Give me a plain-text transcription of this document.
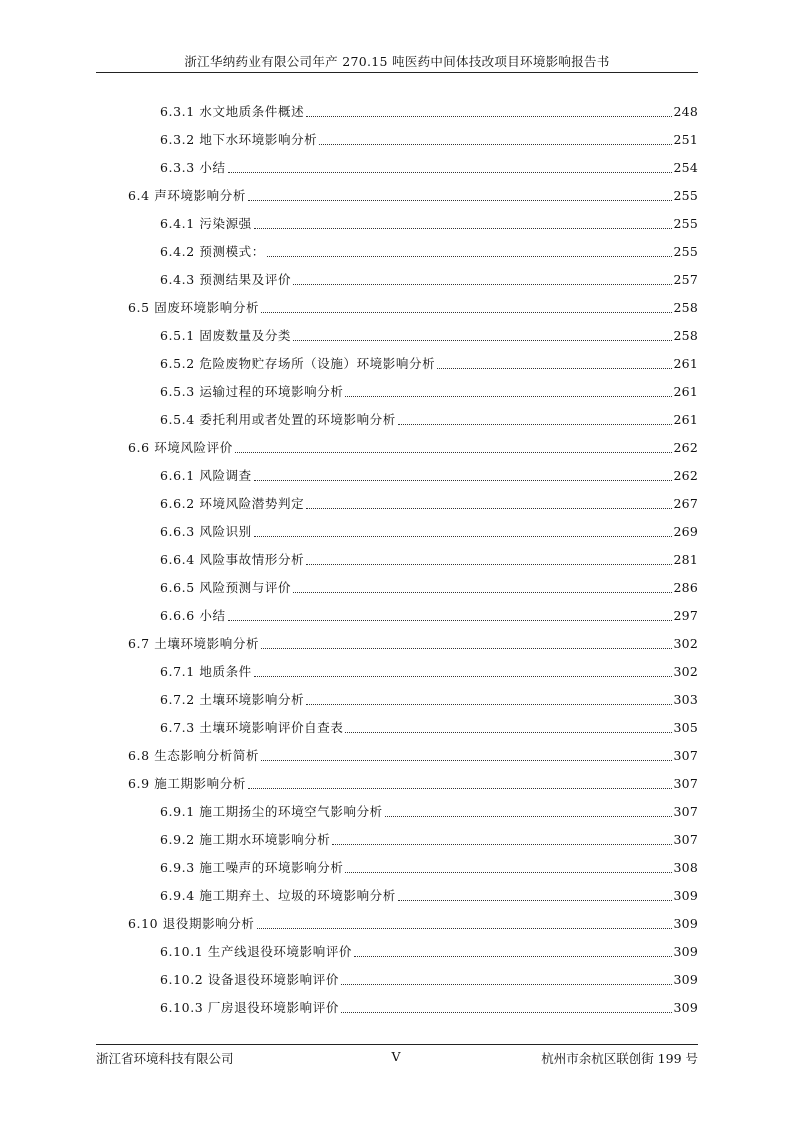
浙江华纳药业有限公司年产 270.15 吨医药中间体技改项目环境影响报告书
6.3.1 水文地质条件概述	248
6.3.2 地下水环境影响分析	251
6.3.3 小结	254
6.4 声环境影响分析	255
6.4.1 污染源强	255
6.4.2 预测模式：	255
6.4.3 预测结果及评价	257
6.5 固废环境影响分析	258
6.5.1 固废数量及分类	258
6.5.2 危险废物贮存场所（设施）环境影响分析	261
6.5.3 运输过程的环境影响分析	261
6.5.4 委托利用或者处置的环境影响分析	261
6.6 环境风险评价	262
6.6.1 风险调查	262
6.6.2 环境风险潜势判定	267
6.6.3 风险识别	269
6.6.4 风险事故情形分析	281
6.6.5 风险预测与评价	286
6.6.6 小结	297
6.7 土壤环境影响分析	302
6.7.1 地质条件	302
6.7.2 土壤环境影响分析	303
6.7.3 土壤环境影响评价自查表	305
6.8 生态影响分析简析	307
6.9 施工期影响分析	307
6.9.1 施工期扬尘的环境空气影响分析	307
6.9.2 施工期水环境影响分析	307
6.9.3 施工噪声的环境影响分析	308
6.9.4 施工期弃土、垃圾的环境影响分析	309
6.10 退役期影响分析	309
6.10.1 生产线退役环境影响评价	309
6.10.2 设备退役环境影响评价	309
6.10.3 厂房退役环境影响评价	309
浙江省环境科技有限公司	V	杭州市余杭区联创街 199 号
